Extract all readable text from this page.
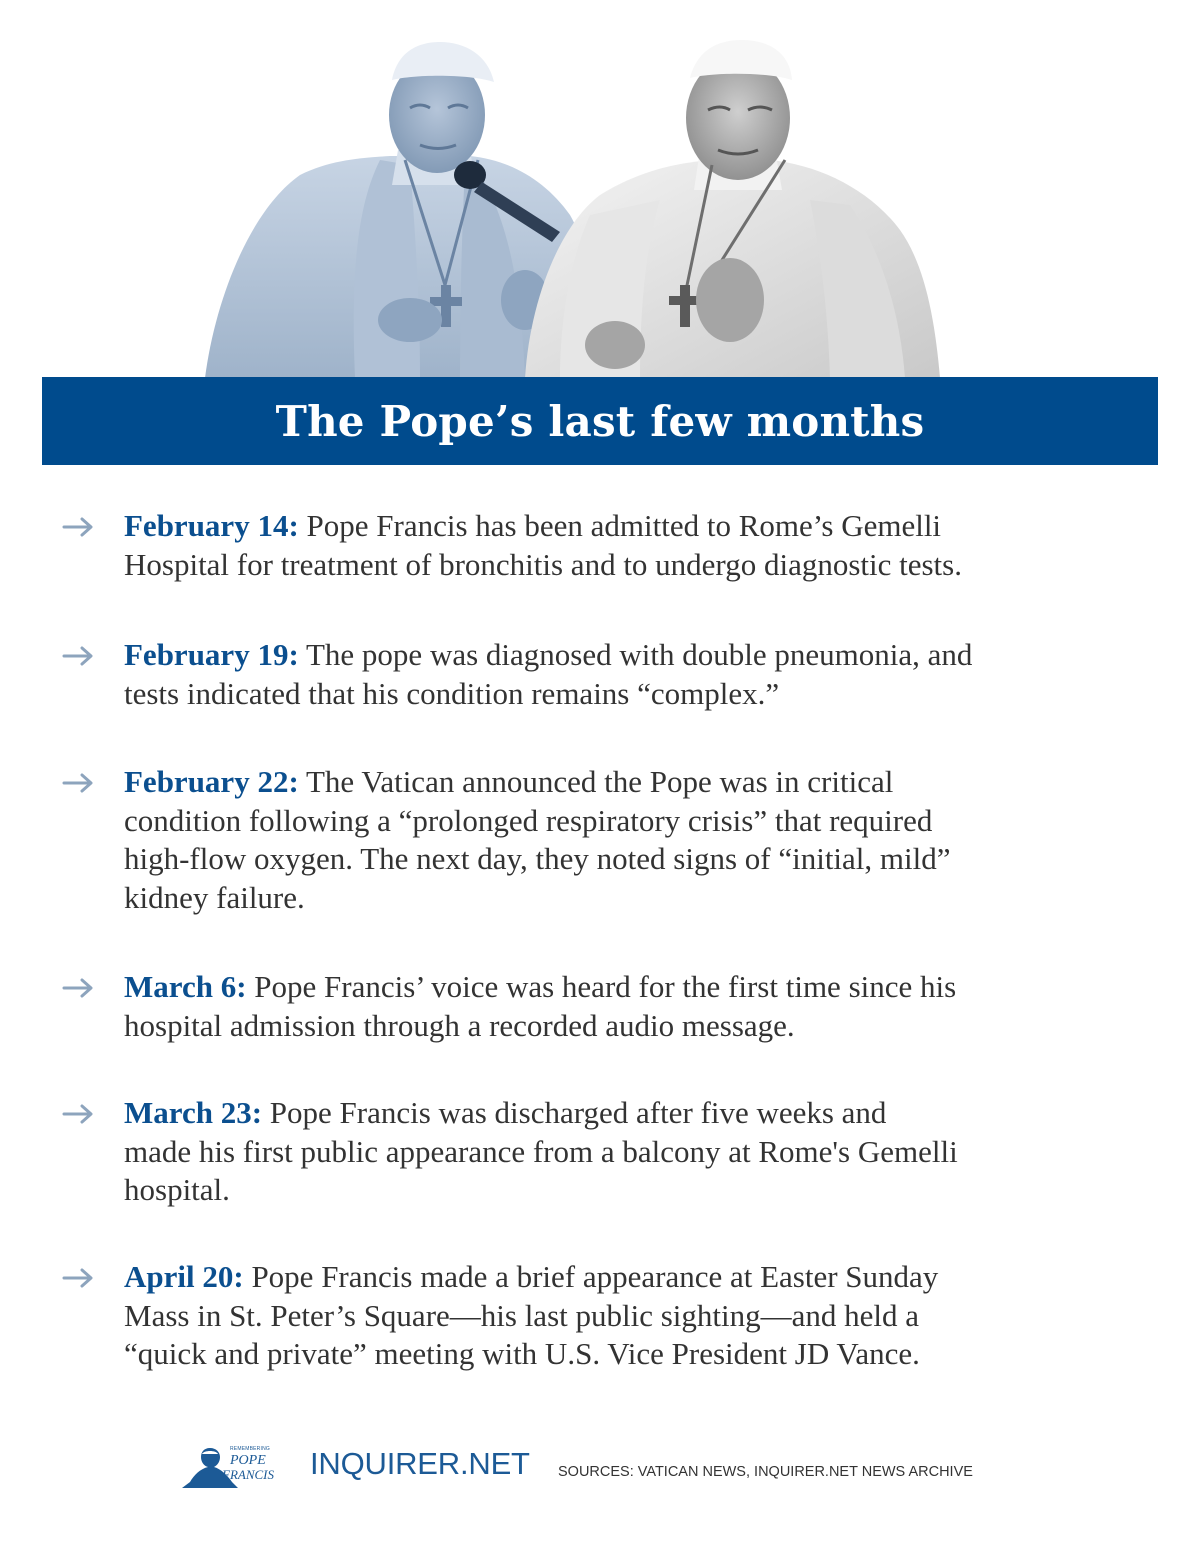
The Pope’s last few months
February 14: Pope Francis has been admitted to Rome’s Gemelli
Hospital for treatment of bronchitis and to undergo diagnostic tests.
February 19: The pope was diagnosed with double pneumonia, and
tests indicated that his condition remains “complex.”
February 22: The Vatican announced the Pope was in critical
condition following a “prolonged respiratory crisis” that required
high-flow oxygen. The next day, they noted signs of “initial, mild”
kidney failure.
March 6: Pope Francis’ voice was heard for the first time since his
hospital admission through a recorded audio message.
March 23: Pope Francis was discharged after five weeks and
made his first public appearance from a balcony at Rome's Gemelli
hospital.
April 20: Pope Francis made a brief appearance at Easter Sunday
Mass in St. Peter’s Square—his last public sighting—and held a
“quick and private” meeting with U.S. Vice President JD Vance.
REMEMBERING
POPE
FRANCIS INQUIRER.NET SOURCES: VATICAN NEWS, INQUIRER.NET NEWS ARCHIVE
